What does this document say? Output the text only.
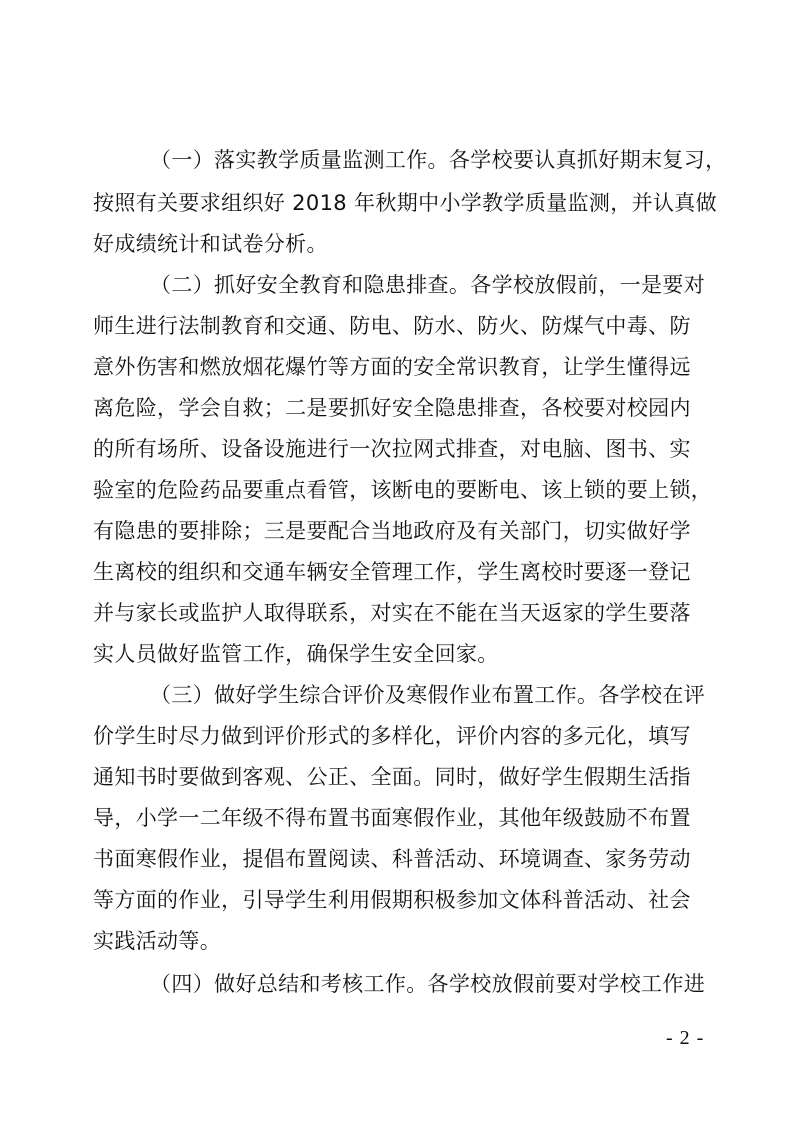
（一）落实教学质量监测工作。各学校要认真抓好期末复习，
按照有关要求组织好 2018 年秋期中小学教学质量监测，并认真做
好成绩统计和试卷分析。
（二）抓好安全教育和隐患排查。各学校放假前，一是要对
师生进行法制教育和交通、防电、防水、防火、防煤气中毒、防
意外伤害和燃放烟花爆竹等方面的安全常识教育，让学生懂得远
离危险，学会自救；二是要抓好安全隐患排查，各校要对校园内
的所有场所、设备设施进行一次拉网式排查，对电脑、图书、实
验室的危险药品要重点看管，该断电的要断电、该上锁的要上锁，
有隐患的要排除；三是要配合当地政府及有关部门，切实做好学
生离校的组织和交通车辆安全管理工作，学生离校时要逐一登记
并与家长或监护人取得联系，对实在不能在当天返家的学生要落
实人员做好监管工作，确保学生安全回家。
（三）做好学生综合评价及寒假作业布置工作。各学校在评
价学生时尽力做到评价形式的多样化，评价内容的多元化，填写
通知书时要做到客观、公正、全面。同时，做好学生假期生活指
导，小学一二年级不得布置书面寒假作业，其他年级鼓励不布置
书面寒假作业，提倡布置阅读、科普活动、环境调查、家务劳动
等方面的作业，引导学生利用假期积极参加文体科普活动、社会
实践活动等。
（四）做好总结和考核工作。各学校放假前要对学校工作进
- 2 -
